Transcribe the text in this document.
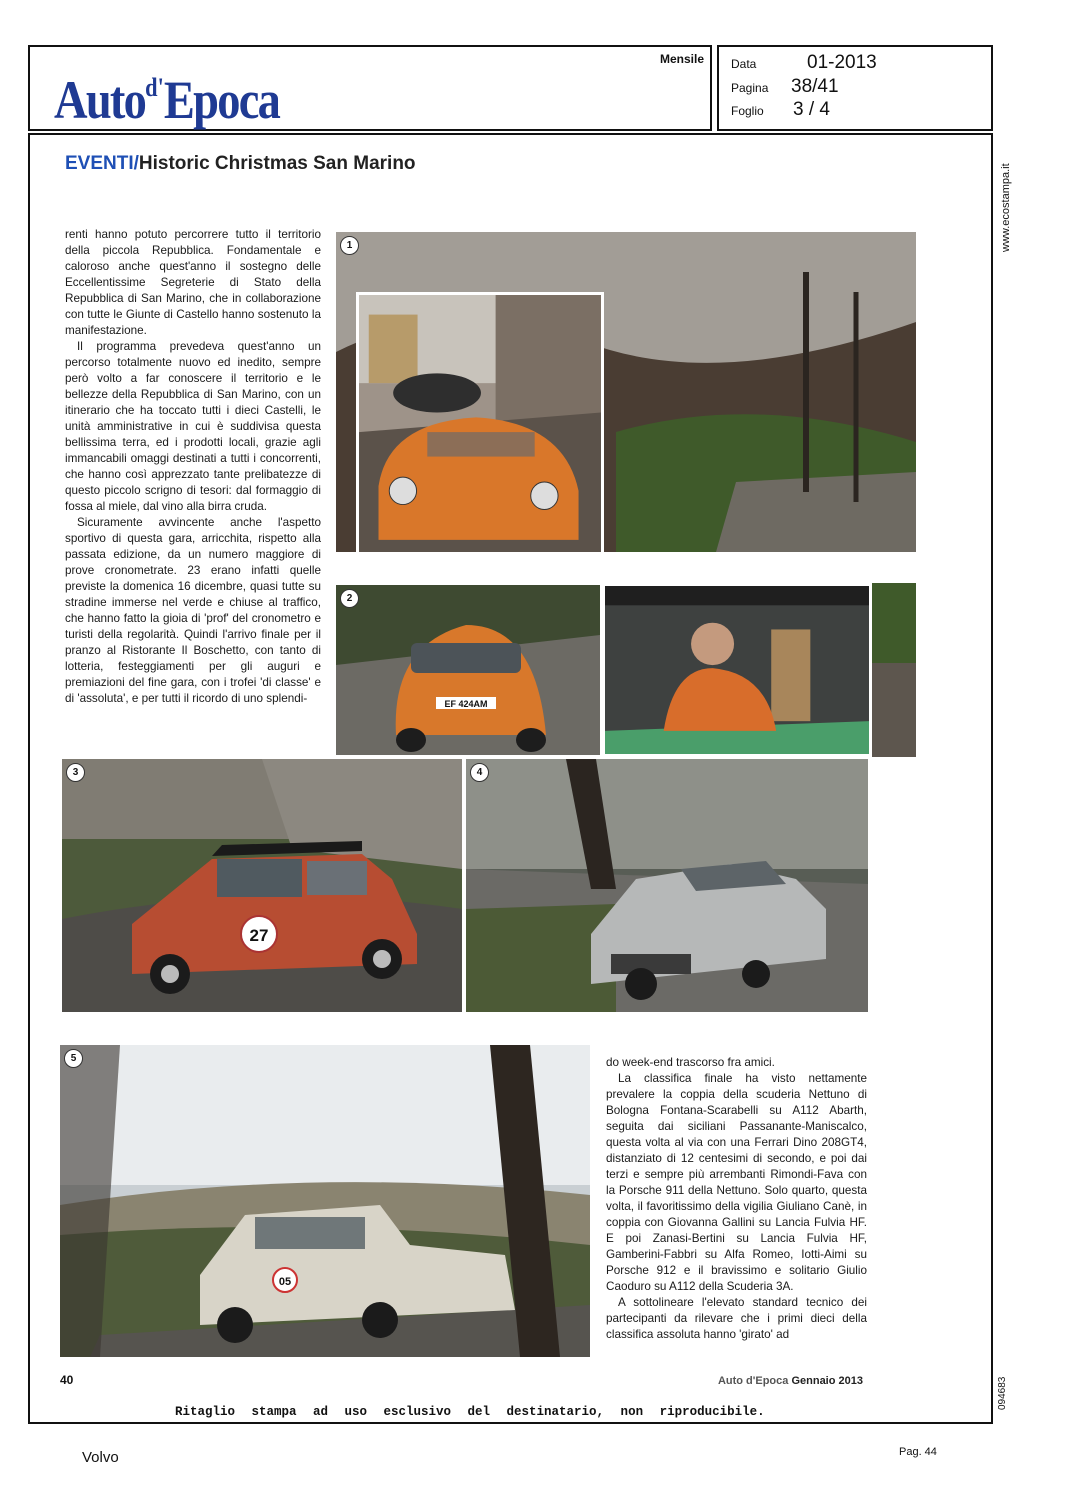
Auto$^{d'}$Epoca
Mensile Data	01-2013
Pagina 38/41
Foglio 3 / 4
EVENTI/Historic Christmas San Marino

renti hanno potuto percorrere tutto il territorio della piccola Repubblica. Fondamentale e caloroso anche quest'anno il sostegno delle Eccellentissime Segreterie di Stato della Repubblica di San Marino, che in collaborazione con tutte le Giunte di Castello hanno sostenuto la manifestazione.

Il programma prevedeva quest'anno un percorso totalmente nuovo ed inedito, sempre però volto a far conoscere il territorio e le bellezze della Repubblica di San Marino, con un itinerario che ha toccato tutti i dieci Castelli, le unità amministrative in cui è suddivisa questa bellissima terra, ed i prodotti locali, grazie agli immancabili omaggi destinati a tutti i concorrenti, che hanno così apprezzato tante prelibatezze di questo piccolo scrigno di tesori: dal formaggio di fossa al miele, dal vino alla birra cruda.

Sicuramente avvincente anche l'aspetto sportivo di questa gara, arricchita, rispetto alla passata edizione, da un numero maggiore di prove cronometrate. 23 erano infatti quelle previste la domenica 16 dicembre, quasi tutte su stradine immerse nel verde e chiuse al traffico, che hanno fatto la gioia di 'prof' del cronometro e turisti della regolarità. Quindi l'arrivo finale per il pranzo al Ristorante Il Boschetto, con tanto di lotteria, festeggiamenti per gli auguri e premiazioni del fine gara, con i trofei 'di classe' e di 'assoluta', e per tutti il ricordo di uno splendi-

1
EF 424AM
2
27
3	4
05
5	do week-end trascorso fra amici.

La classifica finale ha visto nettamente prevalere la coppia della scuderia Nettuno di Bologna Fontana-Scarabelli su A112 Abarth, seguita dai siciliani Passanante-Maniscalco, questa volta al via con una Ferrari Dino 208GT4, distanziato di 12 centesimi di secondo, e poi dai terzi e sempre più arrembanti Rimondi-Fava con la Porsche 911 della Nettuno. Solo quarto, questa volta, il favoritissimo della vigilia Giuliano Canè, in coppia con Giovanna Gallini su Lancia Fulvia HF. E poi Zanasi-Bertini su Lancia Fulvia HF, Gamberini-Fabbri su Alfa Romeo, Iotti-Aimi su Porsche 912 e il bravissimo e solitario Giulio Caoduro su A112 della Scuderia 3A.

A sottolineare l'elevato standard tecnico dei partecipanti da rilevare che i primi dieci della classifica assoluta hanno 'girato' ad

40	Auto d'Epoca Gennaio 2013
Ritaglio stampa ad uso esclusivo del destinatario, non riproducibile.
www.ecostampa.it
094683
Volvo	Pag. 44
